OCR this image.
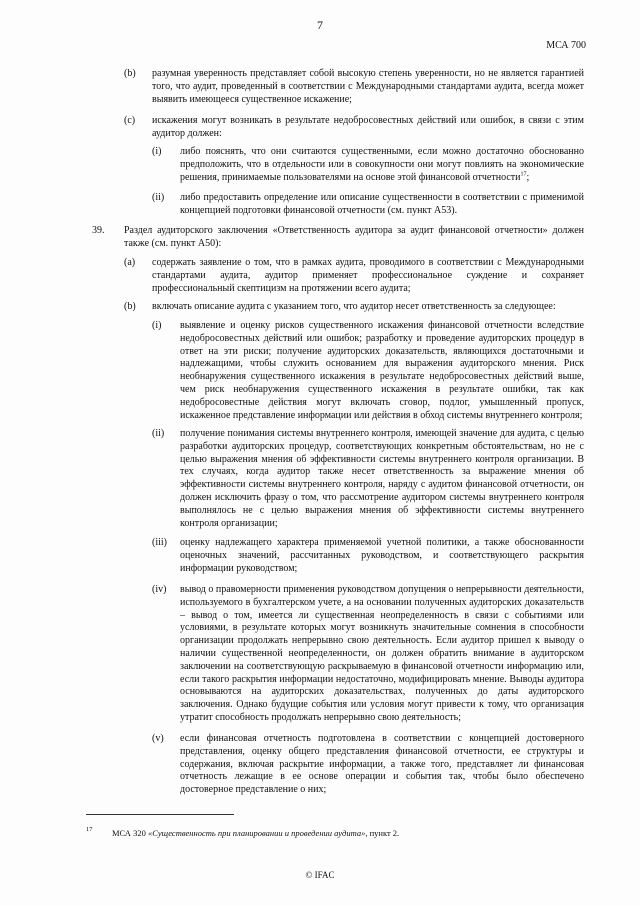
7
МСА 700
(b) разумная уверенность представляет собой высокую степень уверенности, но не является гарантией того, что аудит, проведенный в соответствии с Международными стандартами аудита, всегда может выявить имеющееся существенное искажение;
(c) искажения могут возникать в результате недобросовестных действий или ошибок, в связи с этим аудитор должен:
(i) либо пояснять, что они считаются существенными, если можно достаточно обоснованно предположить, что в отдельности или в совокупности они могут повлиять на экономические решения, принимаемые пользователями на основе этой финансовой отчетности$^{17}$;
(ii) либо предоставить определение или описание существенности в соответствии с применимой концепцией подготовки финансовой отчетности (см. пункт А53).
39. Раздел аудиторского заключения «Ответственность аудитора за аудит финансовой отчетности» должен также (см. пункт А50):
(a) содержать заявление о том, что в рамках аудита, проводимого в соответствии с Международными стандартами аудита, аудитор применяет профессиональное суждение и сохраняет профессиональный скептицизм на протяжении всего аудита;
(b) включать описание аудита с указанием того, что аудитор несет ответственность за следующее:
(i) выявление и оценку рисков существенного искажения финансовой отчетности вследствие недобросовестных действий или ошибок; разработку и проведение аудиторских процедур в ответ на эти риски; получение аудиторских доказательств, являющихся достаточными и надлежащими, чтобы служить основанием для выражения аудиторского мнения. Риск необнаружения существенного искажения в результате недобросовестных действий выше, чем риск необнаружения существенного искажения в результате ошибки, так как недобросовестные действия могут включать сговор, подлог, умышленный пропуск, искаженное представление информации или действия в обход системы внутреннего контроля;
(ii) получение понимания системы внутреннего контроля, имеющей значение для аудита, с целью разработки аудиторских процедур, соответствующих конкретным обстоятельствам, но не с целью выражения мнения об эффективности системы внутреннего контроля организации. В тех случаях, когда аудитор также несет ответственность за выражение мнения об эффективности системы внутреннего контроля, наряду с аудитом финансовой отчетности, он должен исключить фразу о том, что рассмотрение аудитором системы внутреннего контроля выполнялось не с целью выражения мнения об эффективности системы внутреннего контроля организации;
(iii) оценку надлежащего характера применяемой учетной политики, а также обоснованности оценочных значений, рассчитанных руководством, и соответствующего раскрытия информации руководством;
(iv) вывод о правомерности применения руководством допущения о непрерывности деятельности, используемого в бухгалтерском учете, а на основании полученных аудиторских доказательств – вывод о том, имеется ли существенная неопределенность в связи с событиями или условиями, в результате которых могут возникнуть значительные сомнения в способности организации продолжать непрерывно свою деятельность. Если аудитор пришел к выводу о наличии существенной неопределенности, он должен обратить внимание в аудиторском заключении на соответствующую раскрываемую в финансовой отчетности информацию или, если такого раскрытия информации недостаточно, модифицировать мнение. Выводы аудитора основываются на аудиторских доказательствах, полученных до даты аудиторского заключения. Однако будущие события или условия могут привести к тому, что организация утратит способность продолжать непрерывно свою деятельность;
(v) если финансовая отчетность подготовлена в соответствии с концепцией достоверного представления, оценку общего представления финансовой отчетности, ее структуры и содержания, включая раскрытие информации, а также того, представляет ли финансовая отчетность лежащие в ее основе операции и события так, чтобы было обеспечено достоверное представление о них;
17 МСА 320 «Существенность при планировании и проведении аудита», пункт 2.
© IFAC
